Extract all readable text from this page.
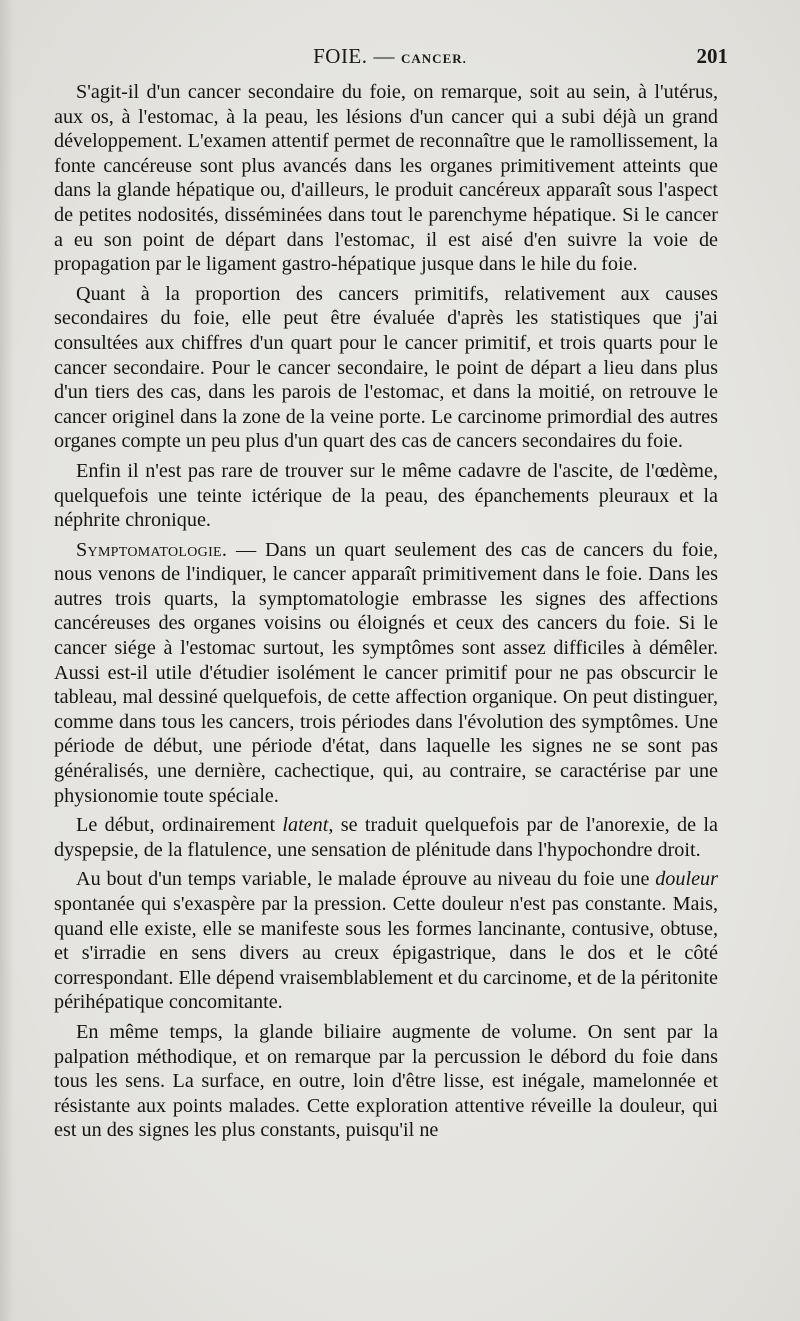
FOIE. — CANCER.	201

S'agit-il d'un cancer secondaire du foie, on remarque, soit au sein, à l'utérus, aux os, à l'estomac, à la peau, les lésions d'un cancer qui a subi déjà un grand développement. L'examen attentif permet de reconnaître que le ramollissement, la fonte cancéreuse sont plus avancés dans les organes primitivement atteints que dans la glande hépatique ou, d'ailleurs, le produit cancéreux apparaît sous l'aspect de petites nodosités, disséminées dans tout le parenchyme hépatique. Si le cancer a eu son point de départ dans l'estomac, il est aisé d'en suivre la voie de propagation par le ligament gastro-hépatique jusque dans le hile du foie.

Quant à la proportion des cancers primitifs, relativement aux causes secondaires du foie, elle peut être évaluée d'après les statistiques que j'ai consultées aux chiffres d'un quart pour le cancer primitif, et trois quarts pour le cancer secondaire. Pour le cancer secondaire, le point de départ a lieu dans plus d'un tiers des cas, dans les parois de l'estomac, et dans la moitié, on retrouve le cancer originel dans la zone de la veine porte. Le carcinome primordial des autres organes compte un peu plus d'un quart des cas de cancers secondaires du foie.

Enfin il n'est pas rare de trouver sur le même cadavre de l'ascite, de l'œdème, quelquefois une teinte ictérique de la peau, des épanchements pleuraux et la néphrite chronique.

Symptomatologie. — Dans un quart seulement des cas de cancers du foie, nous venons de l'indiquer, le cancer apparaît primitivement dans le foie. Dans les autres trois quarts, la symptomatologie embrasse les signes des affections cancéreuses des organes voisins ou éloignés et ceux des cancers du foie. Si le cancer siége à l'estomac surtout, les symptômes sont assez difficiles à démêler. Aussi est-il utile d'étudier isolément le cancer primitif pour ne pas obscurcir le tableau, mal dessiné quelquefois, de cette affection organique. On peut distinguer, comme dans tous les cancers, trois périodes dans l'évolution des symptômes. Une période de début, une période d'état, dans laquelle les signes ne se sont pas généralisés, une dernière, cachectique, qui, au contraire, se caractérise par une physionomie toute spéciale.

Le début, ordinairement latent, se traduit quelquefois par de l'anorexie, de la dyspepsie, de la flatulence, une sensation de plénitude dans l'hypochondre droit.

Au bout d'un temps variable, le malade éprouve au niveau du foie une douleur spontanée qui s'exaspère par la pression. Cette douleur n'est pas constante. Mais, quand elle existe, elle se manifeste sous les formes lancinante, contusive, obtuse, et s'irradie en sens divers au creux épigastrique, dans le dos et le côté correspondant. Elle dépend vraisemblablement et du carcinome, et de la péritonite périhépatique concomitante.

En même temps, la glande biliaire augmente de volume. On sent par la palpation méthodique, et on remarque par la percussion le débord du foie dans tous les sens. La surface, en outre, loin d'être lisse, est inégale, mamelonnée et résistante aux points malades. Cette exploration attentive réveille la douleur, qui est un des signes les plus constants, puisqu'il ne
